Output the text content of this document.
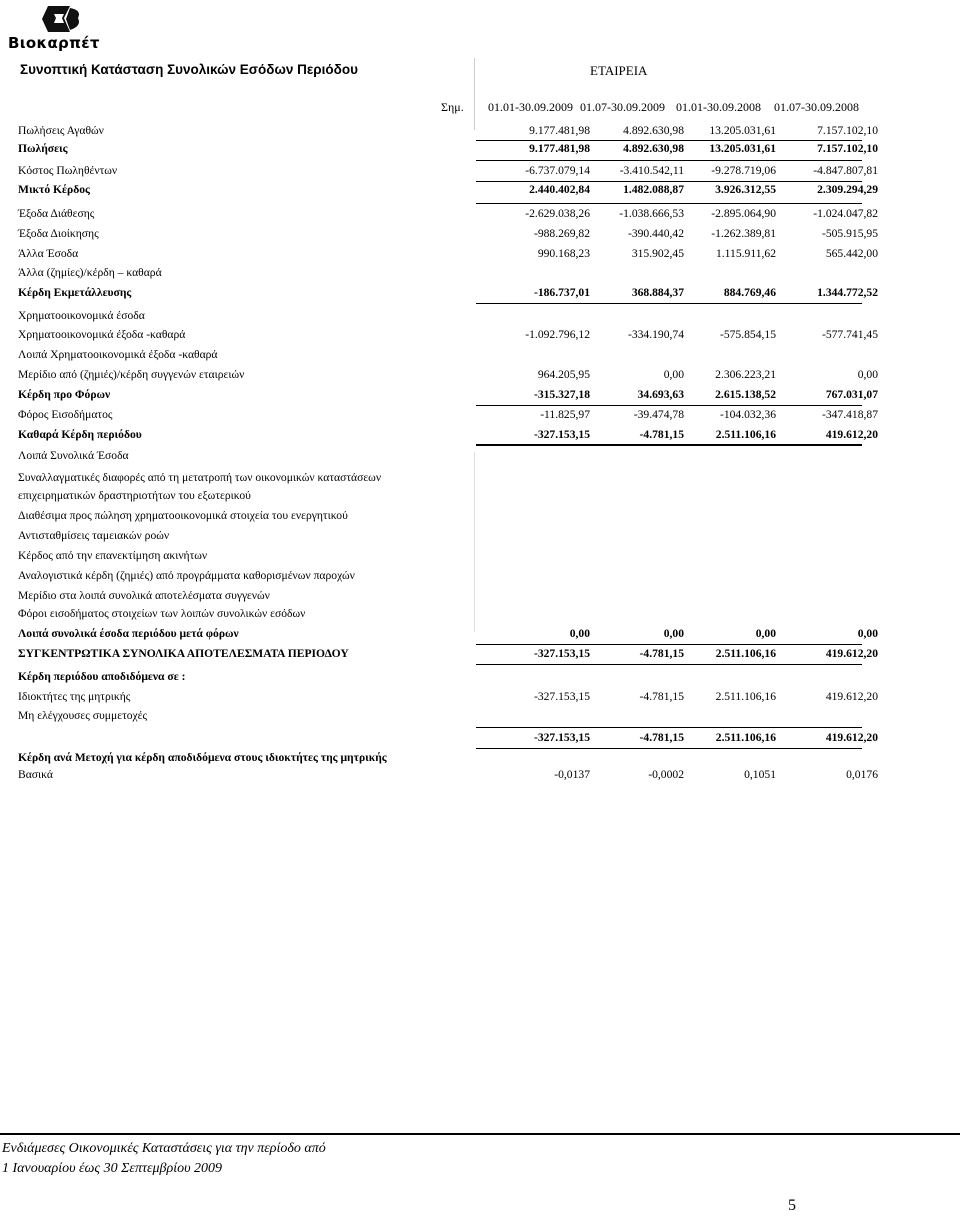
Βιοκαρπέτ
Συνοπτική Κατάσταση Συνολικών Εσόδων Περιόδου	ΕΤΑΙΡΕΙΑ
Σημ. 01.01-30.09.2009 01.07-30.09.2009 01.01-30.09.2008 01.07-30.09.2008
Πωλήσεις Αγαθών	9.177.481,98	4.892.630,98	13.205.031,61	7.157.102,10
Πωλήσεις	9.177.481,98	4.892.630,98	13.205.031,61	7.157.102,10
Κόστος Πωληθέντων	-6.737.079,14	-3.410.542,11	-9.278.719,06	-4.847.807,81
Μικτό Κέρδος	2.440.402,84	1.482.088,87	3.926.312,55	2.309.294,29
Έξοδα Διάθεσης	-2.629.038,26	-1.038.666,53	-2.895.064,90	-1.024.047,82
Έξοδα Διοίκησης	-988.269,82	-390.440,42	-1.262.389,81	-505.915,95
Άλλα Έσοδα	990.168,23	315.902,45	1.115.911,62	565.442,00
Άλλα (ζημίες)/κέρδη – καθαρά
Κέρδη Εκμετάλλευσης	-186.737,01	368.884,37	884.769,46	1.344.772,52
Χρηματοοικονομικά έσοδα
Χρηματοοικονομικά έξοδα -καθαρά	-1.092.796,12	-334.190,74	-575.854,15	-577.741,45
Λοιπά Χρηματοοικονομικά έξοδα -καθαρά
Μερίδιο από (ζημιές)/κέρδη συγγενών εταιρειών	964.205,95	0,00	2.306.223,21	0,00
Κέρδη προ Φόρων	-315.327,18	34.693,63	2.615.138,52	767.031,07
Φόρος Εισοδήματος	-11.825,97	-39.474,78	-104.032,36	-347.418,87
Καθαρά Κέρδη περιόδου	-327.153,15	-4.781,15	2.511.106,16	419.612,20
Λοιπά Συνολικά Έσοδα
Συναλλαγματικές διαφορές από τη μετατροπή των οικονομικών καταστάσεων
επιχειρηματικών δραστηριοτήτων του εξωτερικού
Διαθέσιμα προς πώληση χρηματοοικονομικά στοιχεία του ενεργητικού
Αντισταθμίσεις ταμειακών ροών
Κέρδος από την επανεκτίμηση ακινήτων
Αναλογιστικά κέρδη (ζημιές) από προγράμματα καθορισμένων παροχών
Μερίδιο στα λοιπά συνολικά αποτελέσματα συγγενών
Φόροι εισοδήματος στοιχείων των λοιπών συνολικών εσόδων
Λοιπά συνολικά έσοδα περιόδου μετά φόρων	0,00	0,00	0,00	0,00
ΣΥΓΚΕΝΤΡΩΤΙΚΑ ΣΥΝΟΛΙΚΑ ΑΠΟΤΕΛΕΣΜΑΤΑ ΠΕΡΙΟΔΟΥ	-327.153,15	-4.781,15	2.511.106,16	419.612,20
Κέρδη περιόδου αποδιδόμενα σε :
Ιδιοκτήτες της μητρικής	-327.153,15	-4.781,15	2.511.106,16	419.612,20
Μη ελέγχουσες συμμετοχές
-327.153,15	-4.781,15	2.511.106,16	419.612,20
Κέρδη ανά Μετοχή για κέρδη αποδιδόμενα στους ιδιοκτήτες της μητρικής
Βασικά	-0,0137	-0,0002	0,1051	0,0176
Ενδιάμεσες Οικονομικές Καταστάσεις για την περίοδο από
1 Ιανουαρίου έως 30 Σεπτεμβρίου 2009
5
